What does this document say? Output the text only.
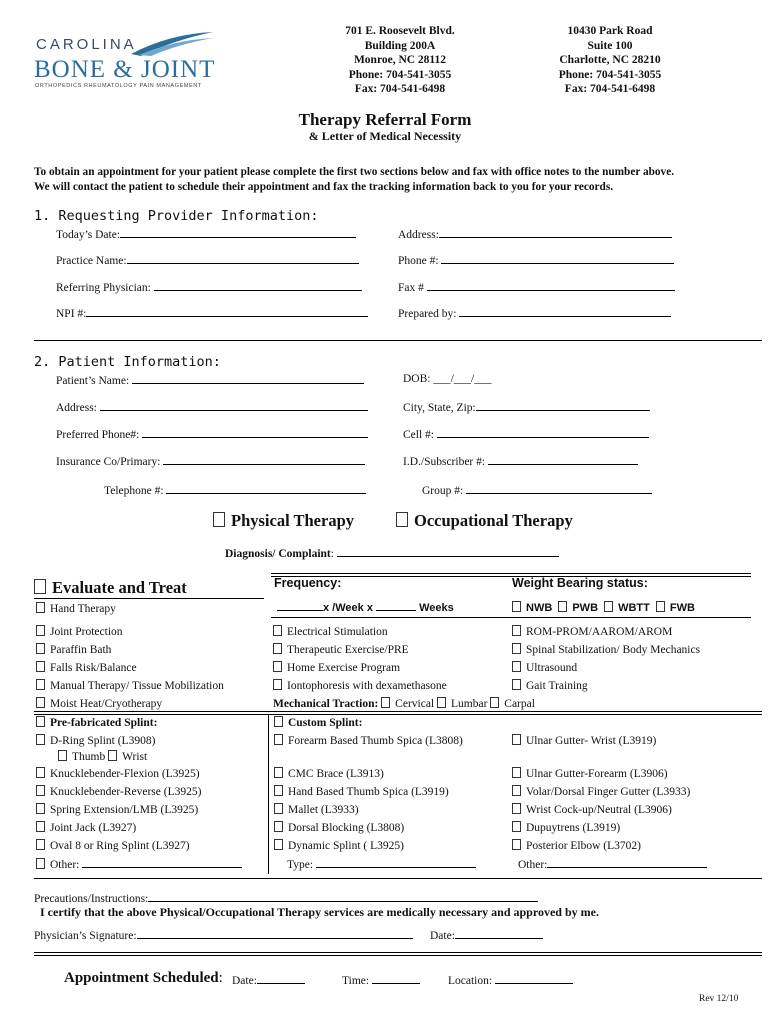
CAROLINA
BONE & JOINT
ORTHOPEDICS RHEUMATOLOGY PAIN MANAGEMENT
701 E. Roosevelt Blvd.
Building 200A
Monroe, NC 28112
Phone: 704-541-3055
Fax: 704-541-6498
10430 Park Road
Suite 100
Charlotte, NC 28210
Phone: 704-541-3055
Fax: 704-541-6498
Therapy Referral Form
& Letter of Medical Necessity
To obtain an appointment for your patient please complete the first two sections below and fax with office notes to the number above.
We will contact the patient to schedule their appointment and fax the tracking information back to you for your records.
1. Requesting Provider Information:
Today’s Date:	Address:
Practice Name:	Phone #:
Referring Physician:	Fax #
NPI #:	Prepared by:
2. Patient Information:
Patient’s Name:	DOB: ___/___/___
Address:	City, State, Zip:
Preferred Phone#:	Cell #:
Insurance Co/Primary:	I.D./Subscriber #:
Telephone #:	Group #:
Physical Therapy	Occupational Therapy
Diagnosis/ Complaint:
Evaluate and Treat	Frequency:	Weight Bearing status:
x /Week x	Weeks	NWB PWB WBTT FWB
Hand Therapy
Joint Protection
Paraffin Bath
Falls Risk/Balance
Manual Therapy/ Tissue Mobilization
Moist Heat/Cryotherapy
Electrical Stimulation
Therapeutic Exercise/PRE
Home Exercise Program
Iontophoresis with dexamethasone
Mechanical Traction: Cervical Lumbar Carpal
ROM-PROM/AAROM/AROM
Spinal Stabilization/ Body Mechanics
Ultrasound
Gait Training
Pre-fabricated Splint:
D-Ring Splint (L3908)
Thumb Wrist
Knucklebender-Flexion (L3925)
Knucklebender-Reverse (L3925)
Spring Extension/LMB (L3925)
Joint Jack (L3927)
Oval 8 or Ring Splint (L3927)
Other:
Custom Splint:
Forearm Based Thumb Spica (L3808)
CMC Brace (L3913)
Hand Based Thumb Spica (L3919)
Mallet (L3933)
Dorsal Blocking (L3808)
Dynamic Splint ( L3925)
Type:
Ulnar Gutter- Wrist (L3919)
Ulnar Gutter-Forearm (L3906)
Volar/Dorsal Finger Gutter (L3933)
Wrist Cock-up/Neutral (L3906)
Dupuytrens (L3919)
Posterior Elbow (L3702)
Other:
Precautions/Instructions:
I certify that the above Physical/Occupational Therapy services are medically necessary and approved by me.
Physician’s Signature:	Date:
Appointment Scheduled: Date:	Time:	Location:
Rev 12/10
